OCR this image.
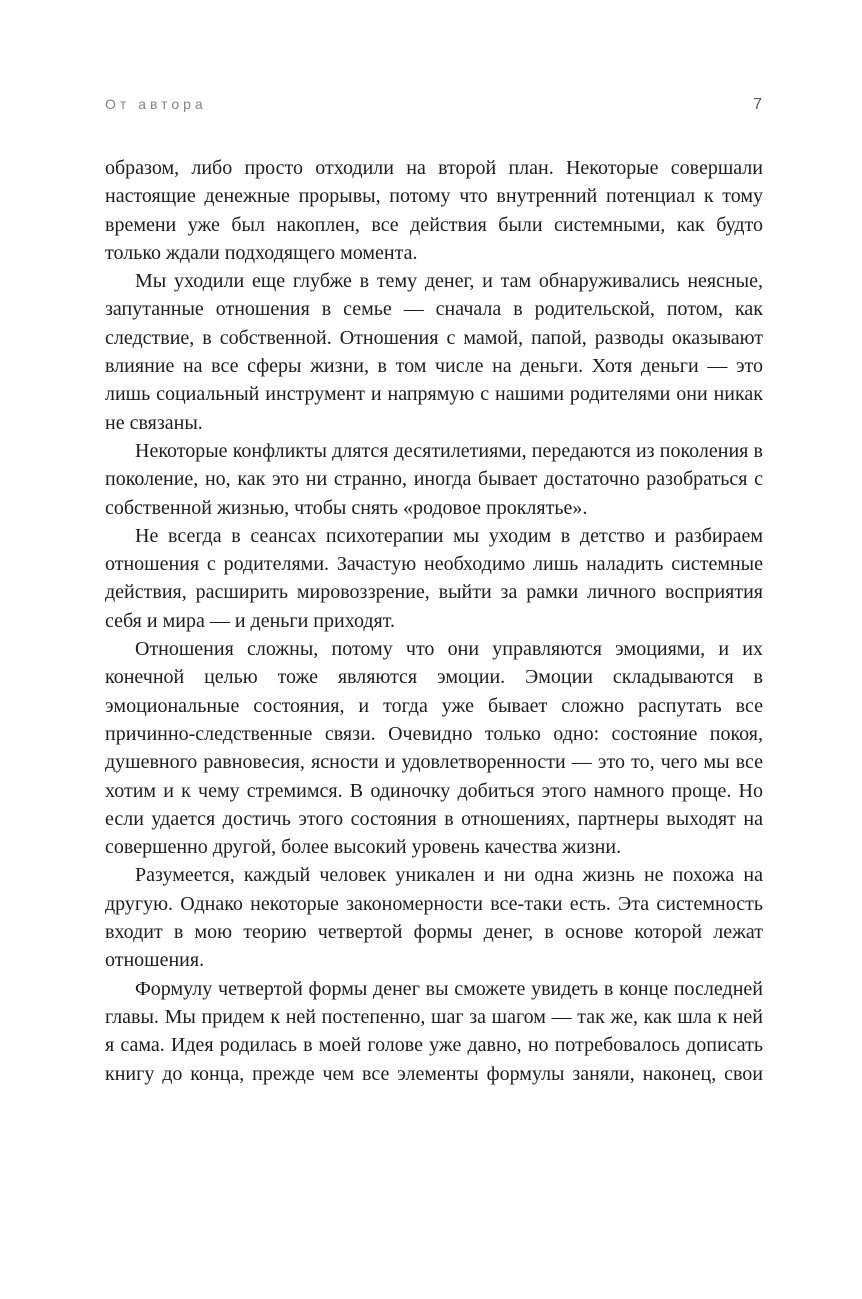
От автора	7

образом, либо просто отходили на второй план. Некоторые совершали настоящие денежные прорывы, потому что внутренний потенциал к тому времени уже был накоплен, все действия были системными, как будто только ждали подходящего момента.

Мы уходили еще глубже в тему денег, и там обнаруживались неясные, запутанные отношения в семье — сначала в родительской, потом, как следствие, в собственной. Отношения с мамой, папой, разводы оказывают влияние на все сферы жизни, в том числе на деньги. Хотя деньги — это лишь социальный инструмент и напрямую с нашими родителями они никак не связаны.

Некоторые конфликты длятся десятилетиями, передаются из поколения в поколение, но, как это ни странно, иногда бывает достаточно разобраться с собственной жизнью, чтобы снять «родовое проклятье».

Не всегда в сеансах психотерапии мы уходим в детство и разбираем отношения с родителями. Зачастую необходимо лишь наладить системные действия, расширить мировоззрение, выйти за рамки личного восприятия себя и мира — и деньги приходят.

Отношения сложны, потому что они управляются эмоциями, и их конечной целью тоже являются эмоции. Эмоции складываются в эмоциональные состояния, и тогда уже бывает сложно распутать все причинно-следственные связи. Очевидно только одно: состояние покоя, душевного равновесия, ясности и удовлетворенности — это то, чего мы все хотим и к чему стремимся. В одиночку добиться этого намного проще. Но если удается достичь этого состояния в отношениях, партнеры выходят на совершенно другой, более высокий уровень качества жизни.

Разумеется, каждый человек уникален и ни одна жизнь не похожа на другую. Однако некоторые закономерности все-таки есть. Эта системность входит в мою теорию четвертой формы денег, в основе которой лежат отношения.

Формулу четвертой формы денег вы сможете увидеть в конце последней главы. Мы придем к ней постепенно, шаг за шагом — так же, как шла к ней я сама. Идея родилась в моей голове уже давно, но потребовалось дописать книгу до конца, прежде чем все элементы формулы заняли, наконец, свои
